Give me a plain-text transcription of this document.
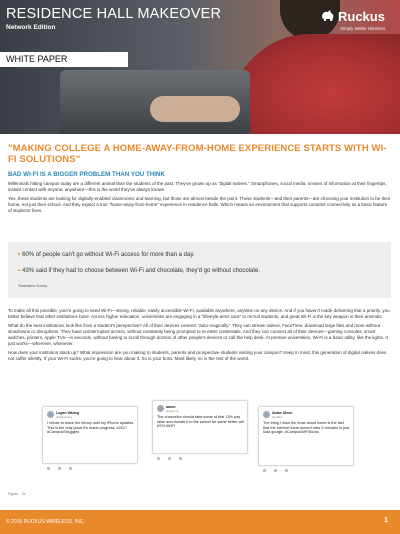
RESIDENCE HALL MAKEOVER
Network Edition
WHITE PAPER
Ruckus
Simply Better Wireless.
"MAKING COLLEGE A HOME-AWAY-FROM-HOME EXPERIENCE STARTS WITH WI-FI SOLUTIONS"
BAD WI-FI IS A BIGGER PROBLEM THAN YOU THINK

Millennials hitting campus today are a different animal than the students of the past. They've grown up as "digital natives." Smartphones, social media, oceans of information at their fingertips, instant contact with anyone, anywhere—this is the world they've always known.

Yes, these students are looking for digitally-enabled classrooms and learning, but those are almost beside the point. These students—and their parents—are choosing your institution to be their home, not just their school. And they expect a true "home-away-from-home" experience in residence halls. Which means an environment that supports constant connectivity as a basic feature of students' lives.

• 60% of people can't go without Wi-Fi access for more than a day.
• 43% said if they had to choose between Wi-Fi and chocolate, they'd go without chocolate.
*Brandsmo Survey

To make all this possible, you're going to need Wi-Fi—strong, reliable, easily accessible Wi-Fi, available anywhere, anytime on any device. And if you haven't made delivering that a priority, you better believe that other institutions have. Across higher education, universities are engaging in a "lifestyle arms race" to recruit students, and great Wi-Fi is the key weapon in their arsenals.

What do the best institutions look like from a student's perspective? All of their devices connect "auto-magically." They can stream videos, FaceTime, download large files and more without slowdowns or disruptions. They have uninterrupted access, without constantly being prompted to re-enter credentials. And they can connect all of their devices—gaming consoles, smart watches, printers, Apple TVs—in seconds, without having to scroll through dozens of other people's devices or call the help desk. At premier universities, Wi-Fi is a basic utility, like the lights. It just works—wherever, whenever.

How does your institution stack up? What impression are you making to students, parents and prospective students visiting your campus? Keep in mind, this generation of digital natives does not suffer silently. If your Wi-Fi sucks, you're going to hear about it. So is your boss. Most likely, so is the rest of the world.

Logan Waring
@logwaring
I refuse to leave the library until my iPhone updates. This is the only place it's made progress. #2017 #CampusStruggles
aaron
@aaronn
The chancellor should take some of that 13% pay raise and donate it to the school for some better wifi #SYUWIFI
Aidan Ulmer
@aidan
The thing I miss the most about home is the fact that the internet there doesn't take 5 minutes to just load google. #CampusWiFiSucks
Figure – Or
© 2016 RUCKUS WIRELESS, INC.	1
